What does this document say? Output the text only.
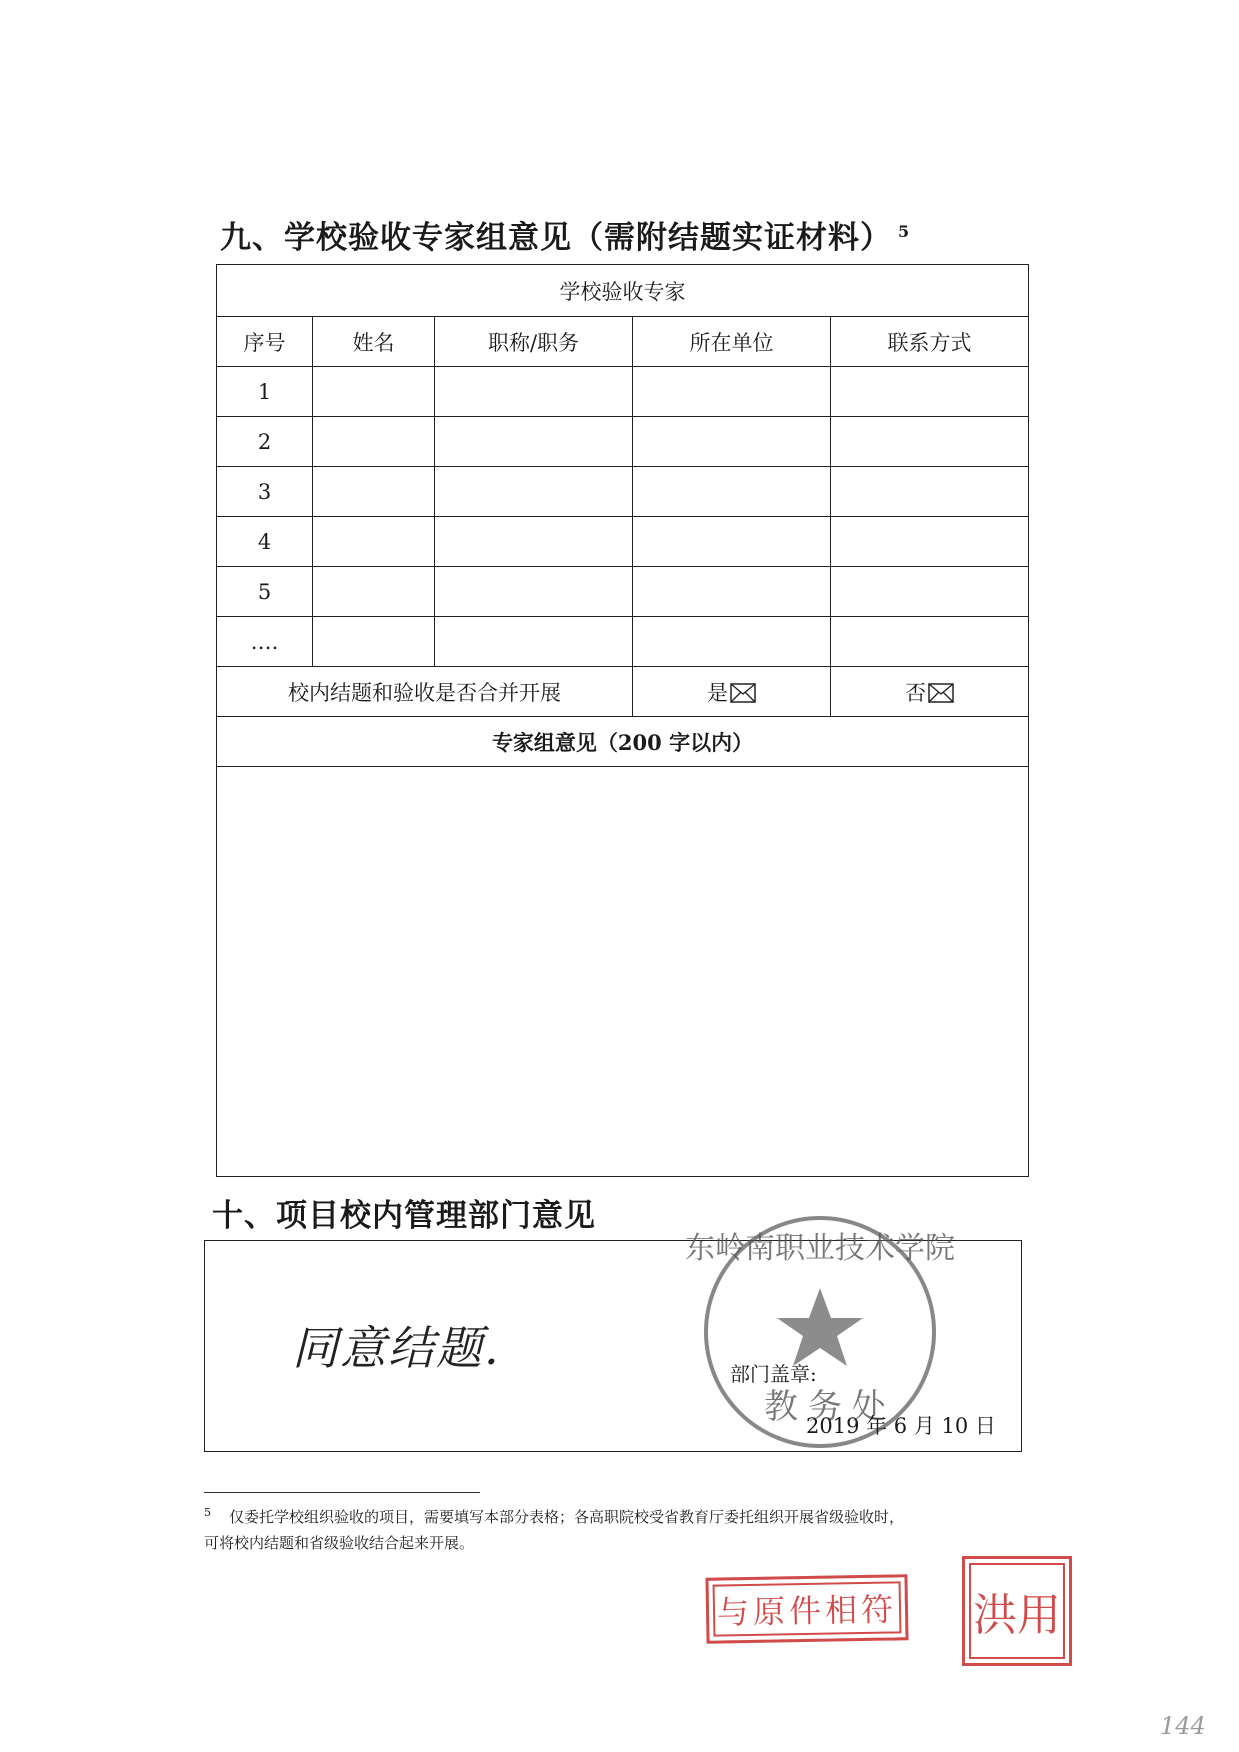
九、学校验收专家组意见（需附结题实证材料） $^5$
学校验收专家				
序号	姓名	职称/职务	所在单位	联系方式
1				
2				
3				
4				
5				
….				
校内结题和验收是否合并开展			是	否
专家组意见（200 字以内）				

十、项目校内管理部门意见
同意结题.
东岭南职业技术学院
教务处
部门盖章:
2019 年 6 月 10 日
$^5$ 仅委托学校组织验收的项目，需要填写本部分表格；各高职院校受省教育厅委托组织开展省级验收时，
可将校内结题和省级验收结合起来开展。
与原件相符 洪用
144
